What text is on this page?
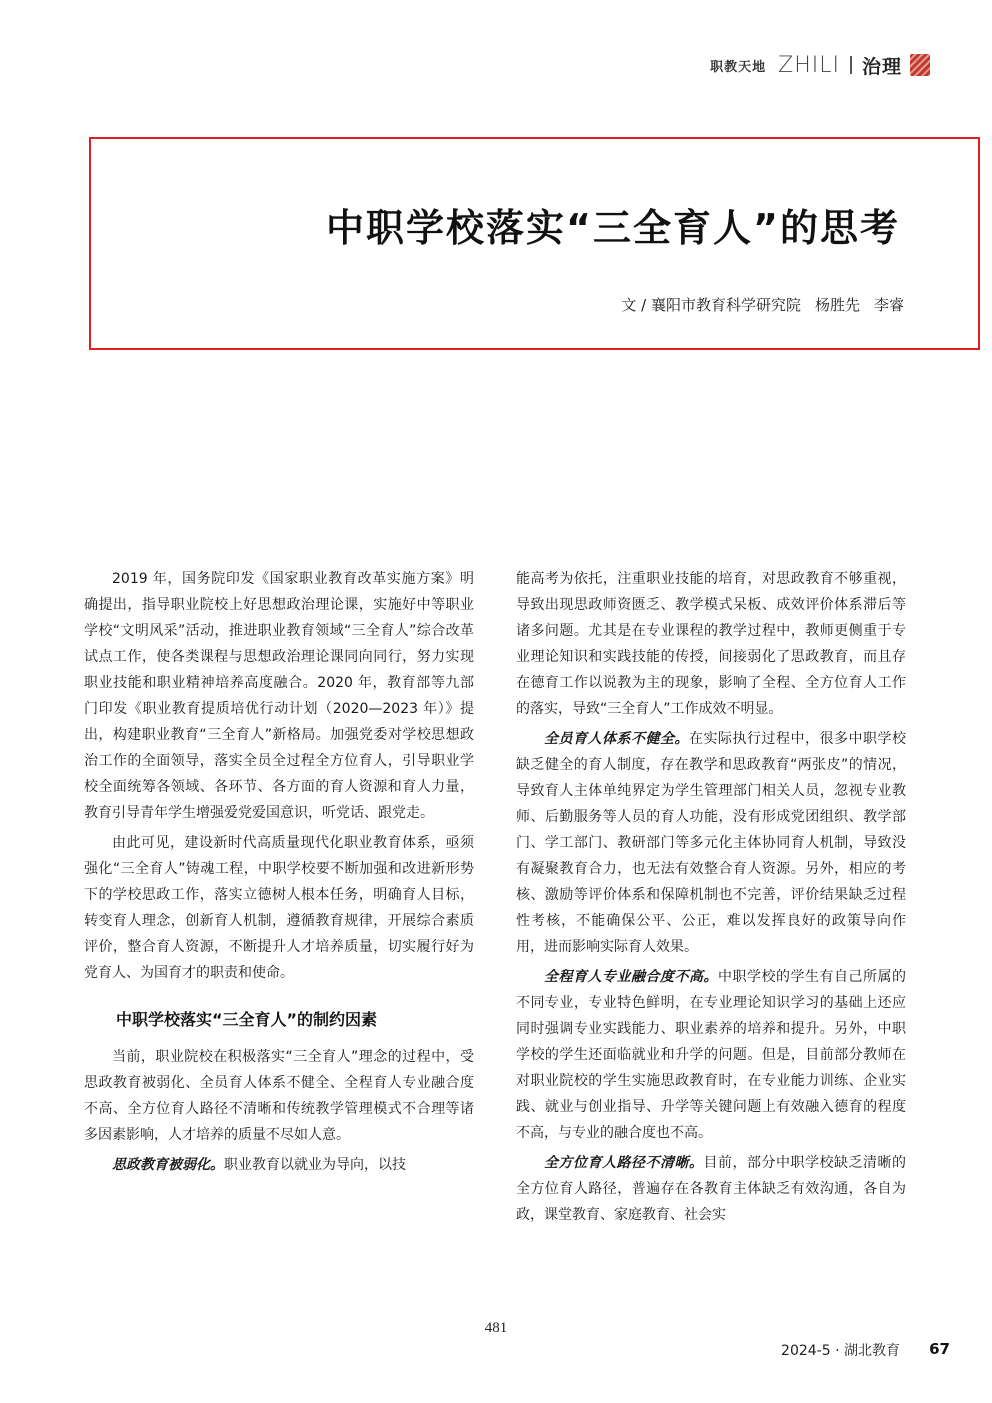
职教天地 ZHILI 治理
中职学校落实“三全育人”的思考
文 / 襄阳市教育科学研究院 杨胜先 李睿

2019 年，国务院印发《国家职业教育改革实施方案》明确提出，指导职业院校上好思想政治理论课，实施好中等职业学校“文明风采”活动，推进职业教育领域“三全育人”综合改革试点工作，使各类课程与思想政治理论课同向同行，努力实现职业技能和职业精神培养高度融合。2020 年，教育部等九部门印发《职业教育提质培优行动计划（2020—2023 年）》提出，构建职业教育“三全育人”新格局。加强党委对学校思想政治工作的全面领导，落实全员全过程全方位育人，引导职业学校全面统筹各领域、各环节、各方面的育人资源和育人力量，教育引导青年学生增强爱党爱国意识，听党话、跟党走。

由此可见，建设新时代高质量现代化职业教育体系，亟须强化“三全育人”铸魂工程，中职学校要不断加强和改进新形势下的学校思政工作，落实立德树人根本任务，明确育人目标，转变育人理念，创新育人机制，遵循教育规律，开展综合素质评价，整合育人资源，不断提升人才培养质量，切实履行好为党育人、为国育才的职责和使命。

中职学校落实“三全育人”的制约因素

当前，职业院校在积极落实“三全育人”理念的过程中，受思政教育被弱化、全员育人体系不健全、全程育人专业融合度不高、全方位育人路径不清晰和传统教学管理模式不合理等诸多因素影响，人才培养的质量不尽如人意。

思政教育被弱化。职业教育以就业为导向，以技

能高考为依托，注重职业技能的培育，对思政教育不够重视，导致出现思政师资匮乏、教学模式呆板、成效评价体系滞后等诸多问题。尤其是在专业课程的教学过程中，教师更侧重于专业理论知识和实践技能的传授，间接弱化了思政教育，而且存在德育工作以说教为主的现象，影响了全程、全方位育人工作的落实，导致“三全育人”工作成效不明显。

全员育人体系不健全。在实际执行过程中，很多中职学校缺乏健全的育人制度，存在教学和思政教育“两张皮”的情况，导致育人主体单纯界定为学生管理部门相关人员，忽视专业教师、后勤服务等人员的育人功能，没有形成党团组织、教学部门、学工部门、教研部门等多元化主体协同育人机制，导致没有凝聚教育合力，也无法有效整合育人资源。另外，相应的考核、激励等评价体系和保障机制也不完善，评价结果缺乏过程性考核，不能确保公平、公正，难以发挥良好的政策导向作用，进而影响实际育人效果。

全程育人专业融合度不高。中职学校的学生有自己所属的不同专业，专业特色鲜明，在专业理论知识学习的基础上还应同时强调专业实践能力、职业素养的培养和提升。另外，中职学校的学生还面临就业和升学的问题。但是，目前部分教师在对职业院校的学生实施思政教育时，在专业能力训练、企业实践、就业与创业指导、升学等关键问题上有效融入德育的程度不高，与专业的融合度也不高。

全方位育人路径不清晰。目前，部分中职学校缺乏清晰的全方位育人路径，普遍存在各教育主体缺乏有效沟通，各自为政，课堂教育、家庭教育、社会实

481
2024-5 · 湖北教育 67
